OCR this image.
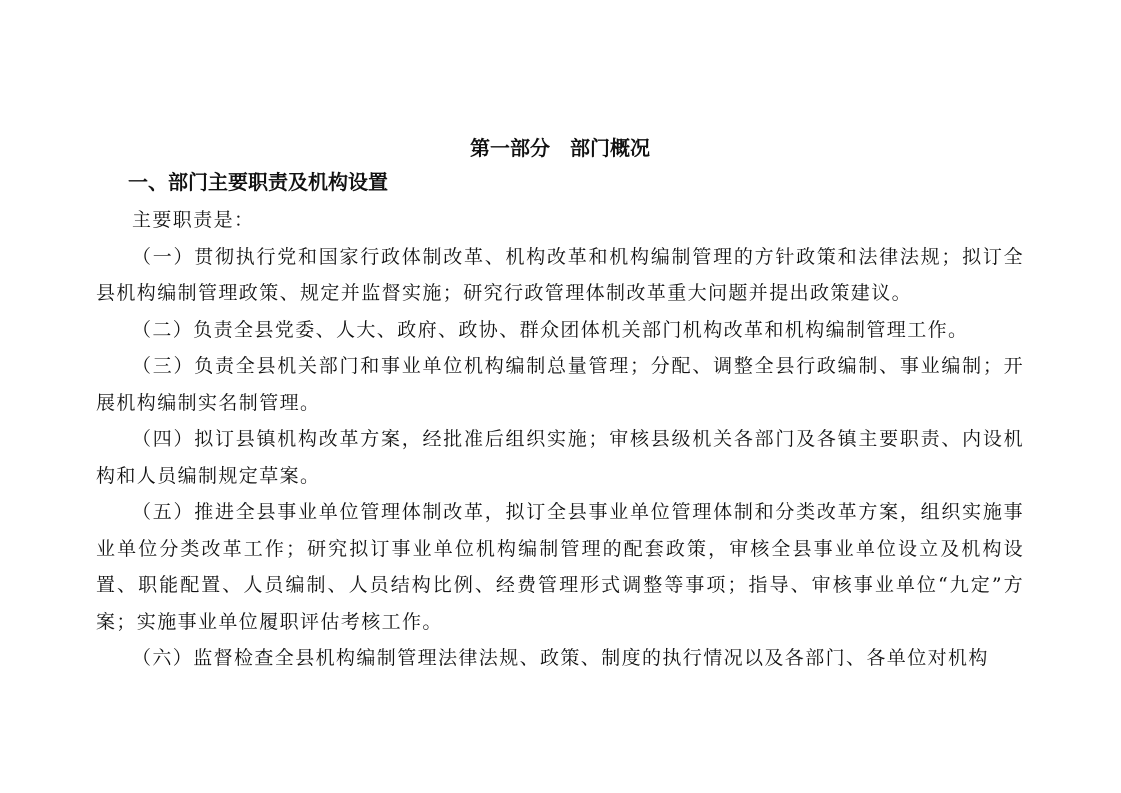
第一部分　部门概况
一、部门主要职责及机构设置

主要职责是：

（一）贯彻执行党和国家行政体制改革、机构改革和机构编制管理的方针政策和法律法规；拟订全县机构编制管理政策、规定并监督实施；研究行政管理体制改革重大问题并提出政策建议。

（二）负责全县党委、人大、政府、政协、群众团体机关部门机构改革和机构编制管理工作。

（三）负责全县机关部门和事业单位机构编制总量管理；分配、调整全县行政编制、事业编制；开展机构编制实名制管理。

（四）拟订县镇机构改革方案，经批准后组织实施；审核县级机关各部门及各镇主要职责、内设机构和人员编制规定草案。

（五）推进全县事业单位管理体制改革，拟订全县事业单位管理体制和分类改革方案，组织实施事业单位分类改革工作；研究拟订事业单位机构编制管理的配套政策，审核全县事业单位设立及机构设置、职能配置、人员编制、人员结构比例、经费管理形式调整等事项；指导、审核事业单位“九定”方案；实施事业单位履职评估考核工作。

（六）监督检查全县机构编制管理法律法规、政策、制度的执行情况以及各部门、各单位对机构
